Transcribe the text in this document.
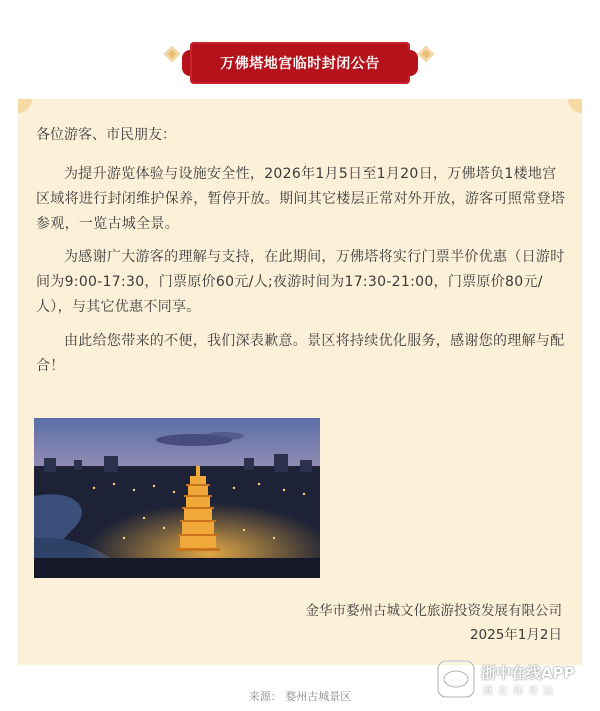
万佛塔地宫临时封闭公告
各位游客、市民朋友：

为提升游览体验与设施安全性，2026年1月5日至1月20日，万佛塔负1楼地宫区域将进行封闭维护保养，暂停开放。期间其它楼层正常对外开放，游客可照常登塔参观，一览古城全景。

为感谢广大游客的理解与支持，在此期间，万佛塔将实行门票半价优惠（日游时间为9:00-17:30，门票原价60元/人;夜游时间为17:30-21:00，门票原价80元/人），与其它优惠不同享。

由此给您带来的不便，我们深表歉意。景区将持续优化服务，感谢您的理解与配合！

金华市婺州古城文化旅游投资发展有限公司
2025年1月2日
浙中在线APP
就在你身边
来源： 婺州古城景区
